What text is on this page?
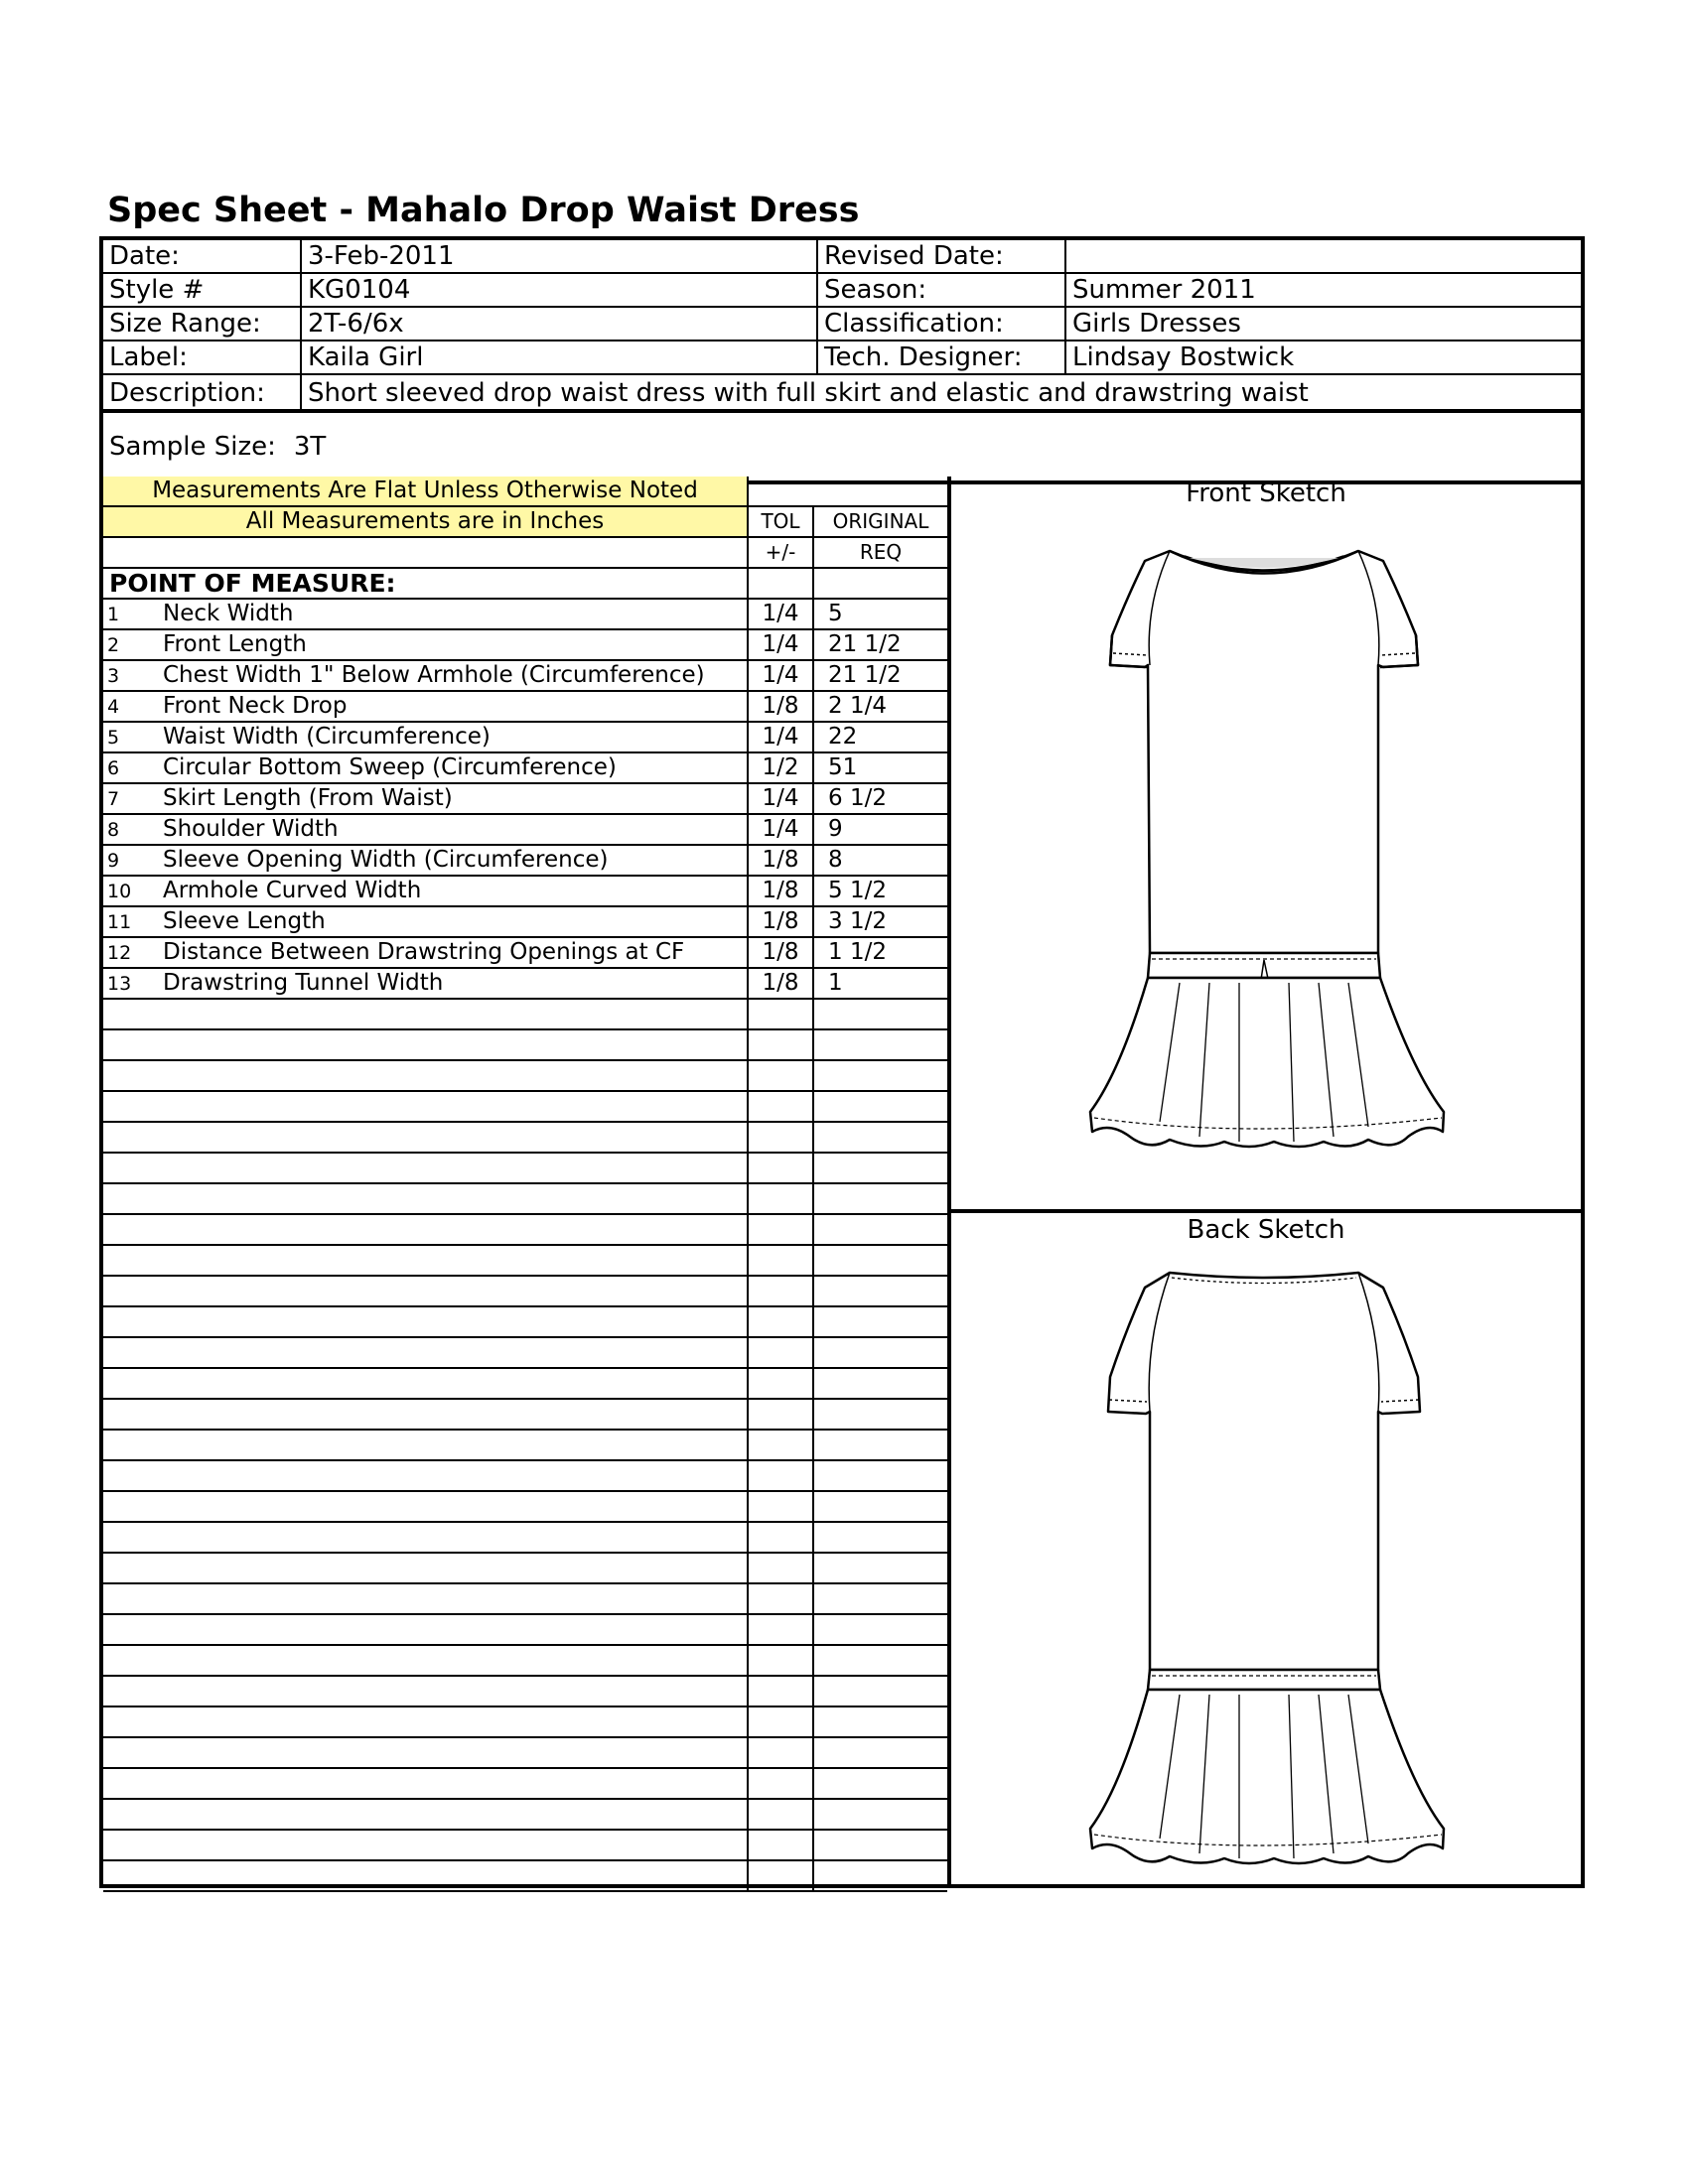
Spec Sheet - Mahalo Drop Waist Dress
Date:	3-Feb-2011	Revised Date:
Style #	KG0104	Season:	Summer 2011
Size Range:	2T-6/6x	Classification:	Girls Dresses
Label:	Kaila Girl	Tech. Designer:	Lindsay Bostwick
Description:	Short sleeved drop waist dress with full skirt and elastic and drawstring waist
Sample Size: 3T
Measurements Are Flat Unless Otherwise Noted
All Measurements are in Inches	TOL	ORIGINAL
+/-	REQ
POINT OF MEASURE:
1 Neck Width	1/4	5
2 Front Length	1/4	21 1/2
3 Chest Width 1" Below Armhole (Circumference)	1/4	21 1/2
4 Front Neck Drop	1/8	2 1/4
5 Waist Width (Circumference)	1/4	22
6 Circular Bottom Sweep (Circumference)	1/2	51
7 Skirt Length (From Waist)	1/4	6 1/2
8 Shoulder Width	1/4	9
9 Sleeve Opening Width (Circumference)	1/8	8
10 Armhole Curved Width	1/8	5 1/2
11 Sleeve Length	1/8	3 1/2
12 Distance Between Drawstring Openings at CF	1/8	1 1/2
13 Drawstring Tunnel Width	1/8	1
Front Sketch
Back Sketch
